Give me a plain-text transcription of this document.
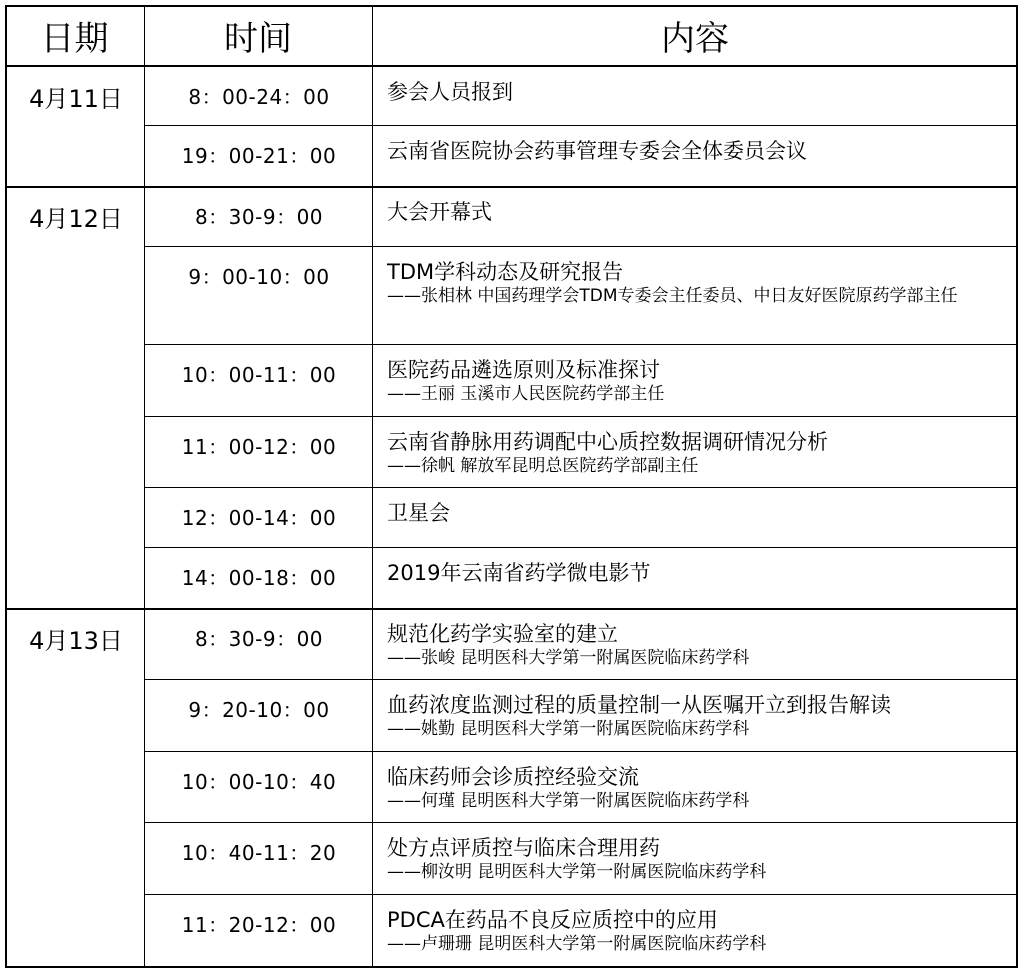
日期	时间	内容
4月11日	8：00-24：00	参会人员报到
19：00-21：00	云南省医院协会药事管理专委会全体委员会议
4月12日	8：30-9：00	大会开幕式
9：00-10：00	TDM学科动态及研究报告
——张相林 中国药理学会TDM专委会主任委员、中日友好医院原药学部主任
10：00-11：00	医院药品遴选原则及标准探讨
——王丽 玉溪市人民医院药学部主任
11：00-12：00	云南省静脉用药调配中心质控数据调研情况分析
——徐帆 解放军昆明总医院药学部副主任
12：00-14：00	卫星会
14：00-18：00	2019年云南省药学微电影节
4月13日	8：30-9：00	规范化药学实验室的建立
——张峻 昆明医科大学第一附属医院临床药学科
9：20-10：00	血药浓度监测过程的质量控制一从医嘱开立到报告解读
——姚勤 昆明医科大学第一附属医院临床药学科
10：00-10：40	临床药师会诊质控经验交流
——何瑾 昆明医科大学第一附属医院临床药学科
10：40-11：20	处方点评质控与临床合理用药
——柳汝明 昆明医科大学第一附属医院临床药学科
11：20-12：00	PDCA在药品不良反应质控中的应用
——卢珊珊 昆明医科大学第一附属医院临床药学科
